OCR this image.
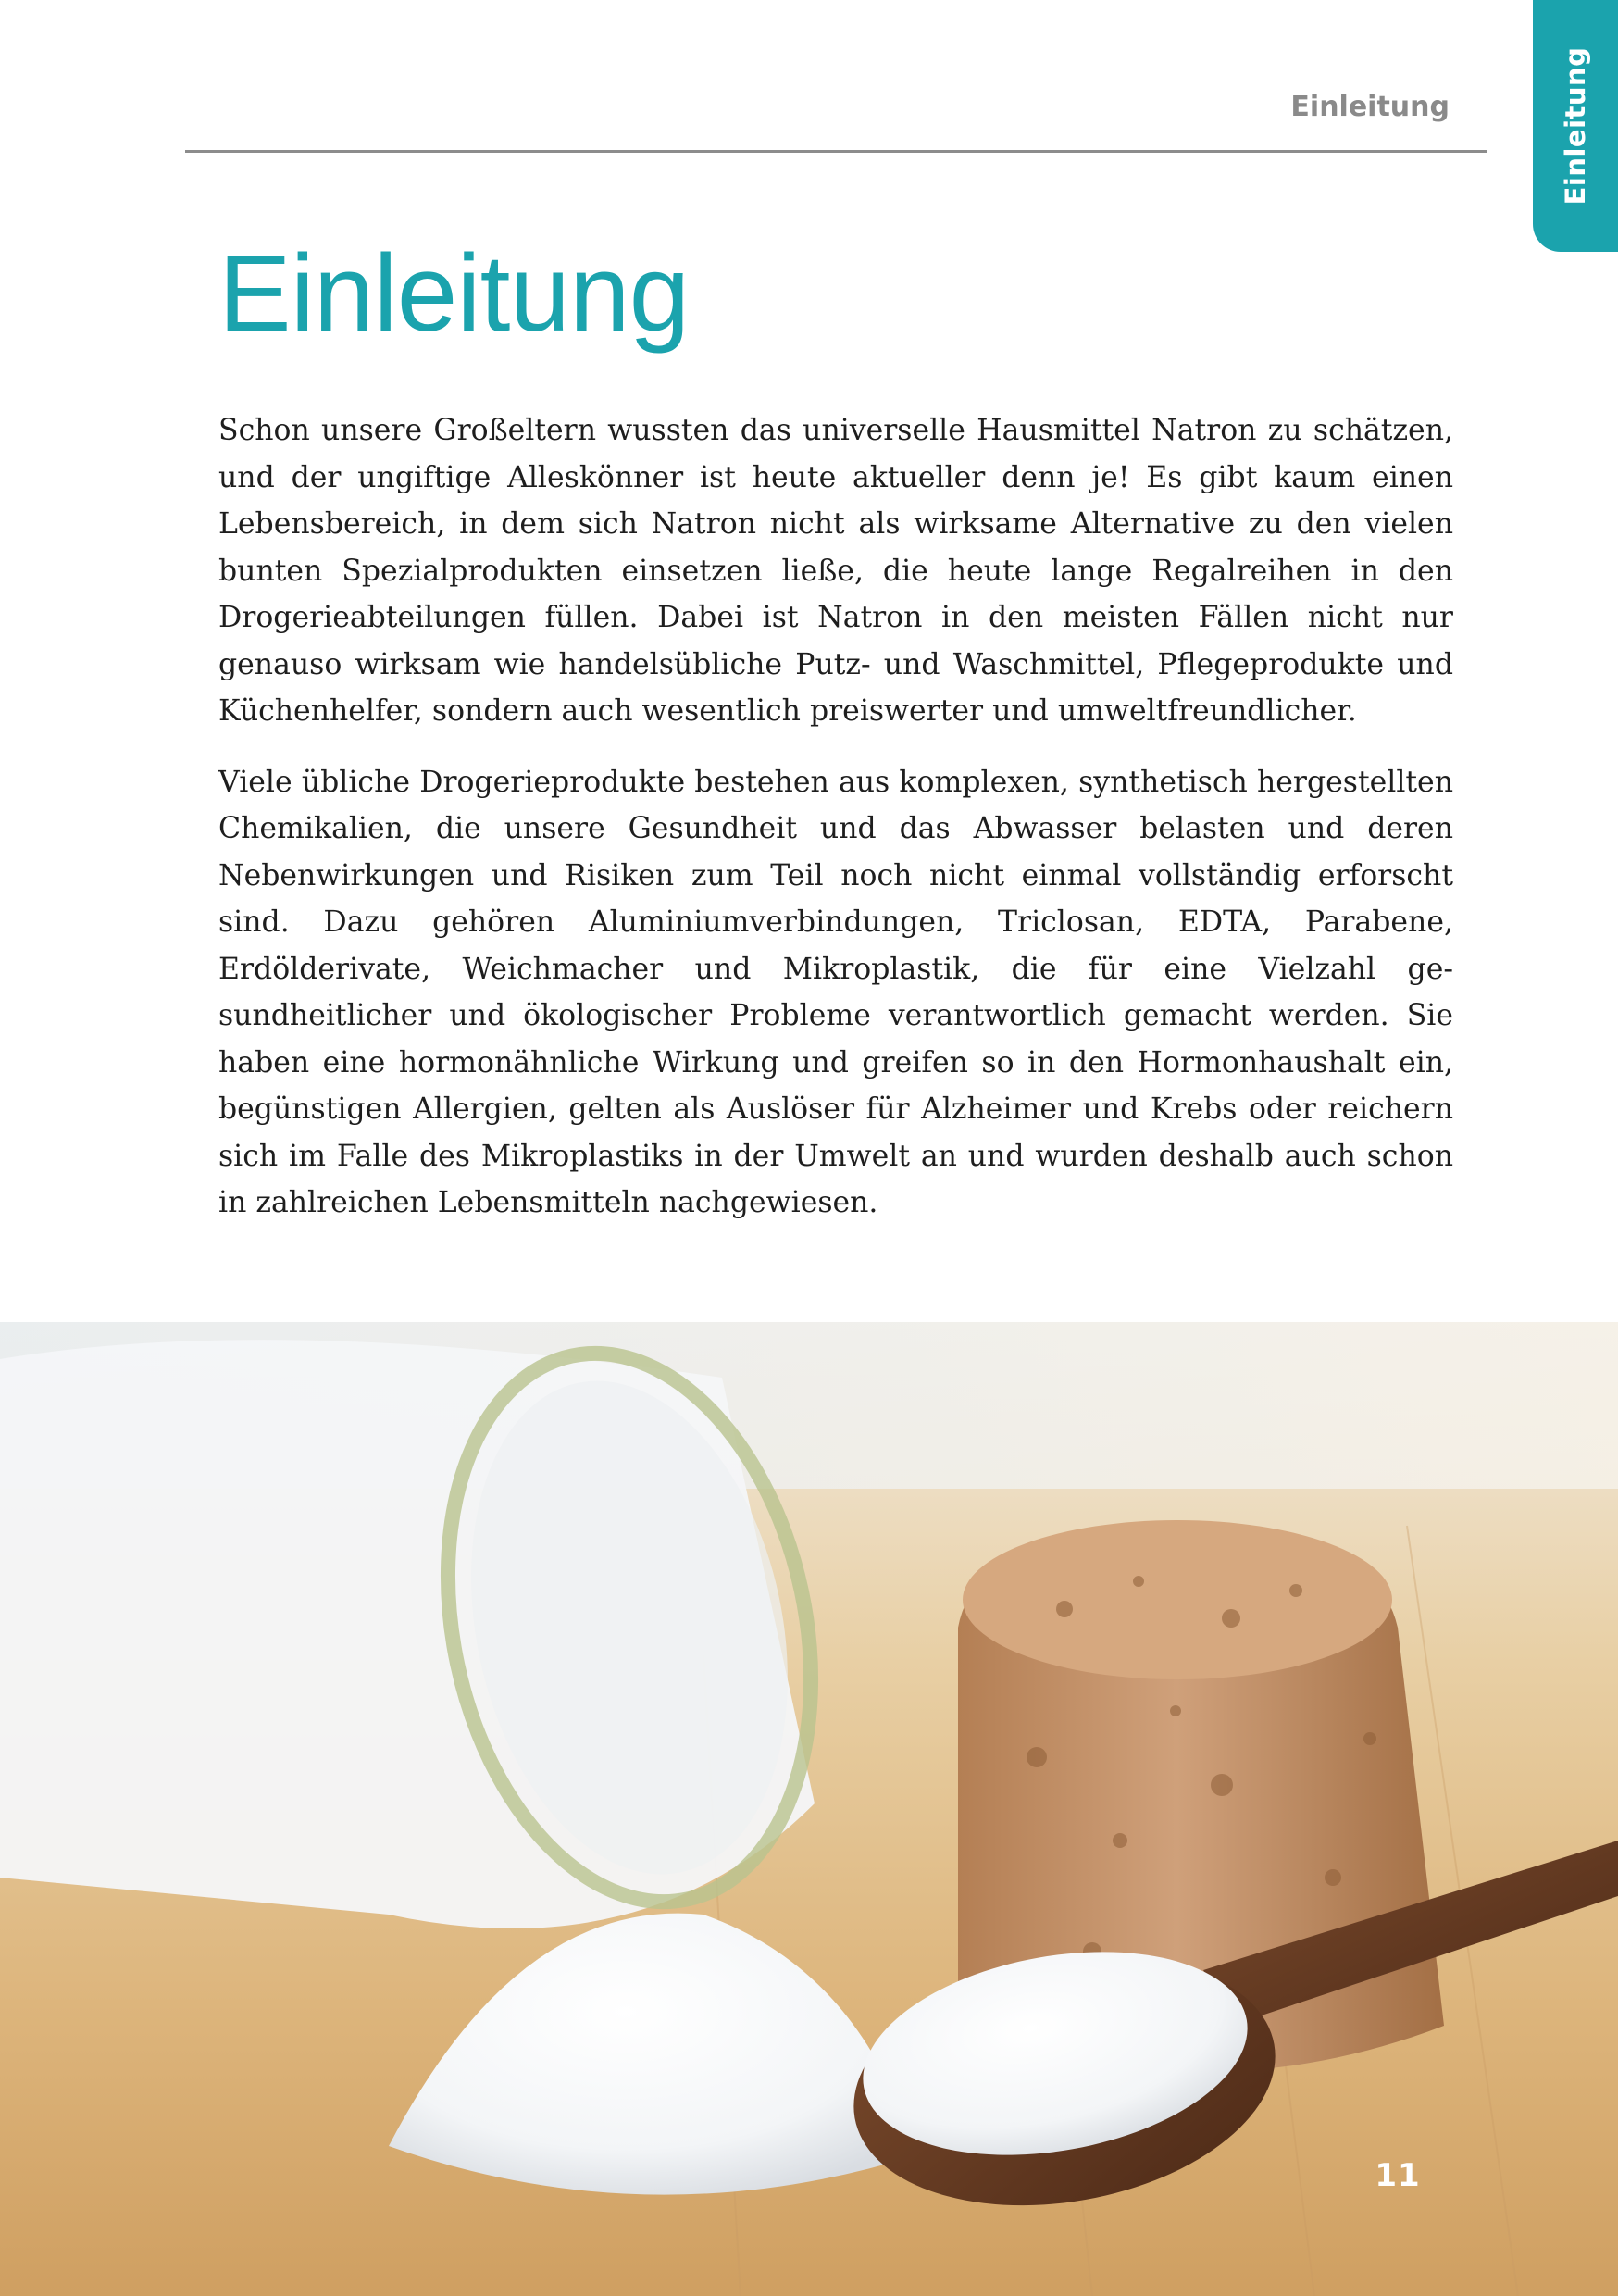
Einleitung
Einleitung
Einleitung

Schon unsere Großeltern wussten das universelle Hausmittel Natron zu schätzen, und der ungiftige Alleskönner ist heute aktueller denn je! Es gibt kaum einen Lebensbereich, in dem sich Natron nicht als wirksame Alternative zu den vielen bunten Spezialprodukten einsetzen ließe, die heute lange Regalreihen in den Drogerieabteilungen füllen. Dabei ist Natron in den meisten Fällen nicht nur genauso wirksam wie handelsübliche Putz- und Waschmittel, Pflegeprodukte und Küchenhelfer, sondern auch wesentlich preiswerter und umweltfreundlicher.

Viele übliche Drogerieprodukte bestehen aus komplexen, synthetisch hergestellten Chemikalien, die unsere Gesundheit und das Abwasser belasten und deren Nebenwirkungen und Risiken zum Teil noch nicht einmal vollständig erforscht sind. Dazu gehören Aluminiumverbindungen, Triclosan, EDTA, Parabene, Erdölderivate, Weichmacher und Mikroplastik, die für eine Vielzahl gesundheitlicher und ökologischer Probleme verantwortlich gemacht werden. Sie haben eine hormonähnliche Wirkung und greifen so in den Hormonhaushalt ein, begünstigen Allergien, gelten als Auslöser für Alzheimer und Krebs oder reichern sich im Falle des Mikroplastiks in der Umwelt an und wurden deshalb auch schon in zahlreichen Lebensmitteln nachgewiesen.

11
